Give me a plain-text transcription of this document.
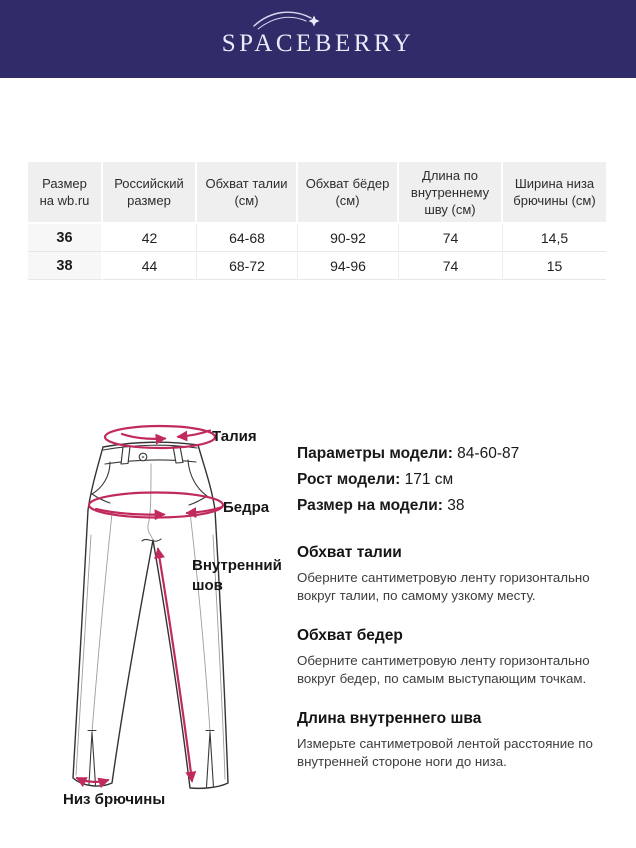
SPACEBERRY
Размер на wb.ru	Российский размер	Обхват талии (см)	Обхват бёдер (см)	Длина по внутреннему шву (см)	Ширина низа брючины (см)
36	42	64-68	90-92	74	14,5
38	44	68-72	94-96	74	15
Талия
Бедра
Внутренний шов
Низ брючины
Параметры модели: 84-60-87
Рост модели: 171 см
Размер на модели: 38
Обхват талии

Оберните сантиметровую ленту горизонтально вокруг талии, по самому узкому месту.

Обхват бедер

Оберните сантиметровую ленту горизонтально вокруг бедер, по самым выступающим точкам.

Длина внутреннего шва

Измерьте сантиметровой лентой расстояние по внутренней стороне ноги до низа.
